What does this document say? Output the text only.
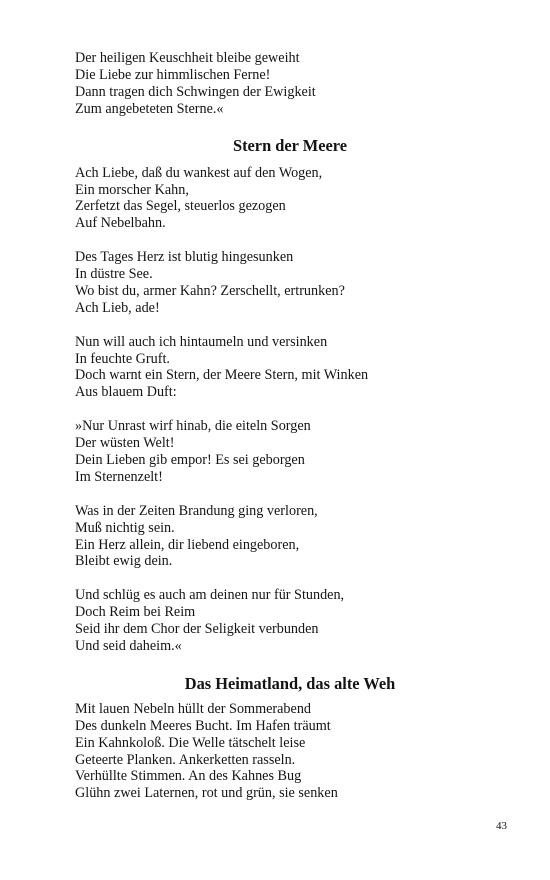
Der heiligen Keuschheit bleibe geweiht
Die Liebe zur himmlischen Ferne!
Dann tragen dich Schwingen der Ewigkeit
Zum angebeteten Sterne.«
Stern der Meere
Ach Liebe, daß du wankest auf den Wogen,
Ein morscher Kahn,
Zerfetzt das Segel, steuerlos gezogen
Auf Nebelbahn.
Des Tages Herz ist blutig hingesunken
In düstre See.
Wo bist du, armer Kahn? Zerschellt, ertrunken?
Ach Lieb, ade!
Nun will auch ich hintaumeln und versinken
In feuchte Gruft.
Doch warnt ein Stern, der Meere Stern, mit Winken
Aus blauem Duft:
»Nur Unrast wirf hinab, die eiteln Sorgen
Der wüsten Welt!
Dein Lieben gib empor! Es sei geborgen
Im Sternenzelt!
Was in der Zeiten Brandung ging verloren,
Muß nichtig sein.
Ein Herz allein, dir liebend eingeboren,
Bleibt ewig dein.
Und schlüg es auch am deinen nur für Stunden,
Doch Reim bei Reim
Seid ihr dem Chor der Seligkeit verbunden
Und seid daheim.«
Das Heimatland, das alte Weh
Mit lauen Nebeln hüllt der Sommerabend
Des dunkeln Meeres Bucht. Im Hafen träumt
Ein Kahnkoloß. Die Welle tätschelt leise
Geteerte Planken. Ankerketten rasseln.
Verhüllte Stimmen. An des Kahnes Bug
Glühn zwei Laternen, rot und grün, sie senken
43
